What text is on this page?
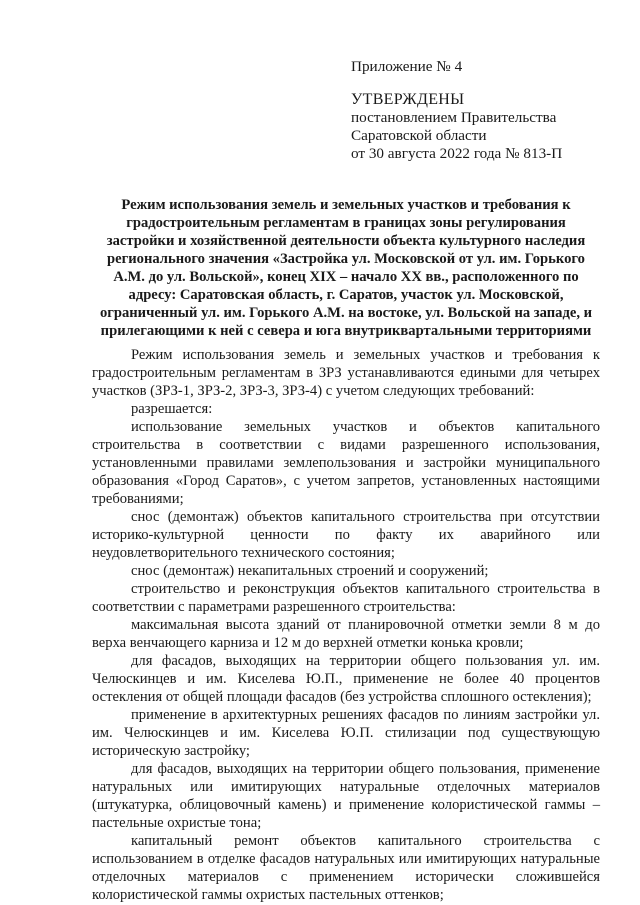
Приложение № 4
УТВЕРЖДЕНЫ
постановлением Правительства
Саратовской области
от 30 августа 2022 года № 813-П
Режим использования земель и земельных участков и требования к градостроительным регламентам в границах зоны регулирования застройки и хозяйственной деятельности объекта культурного наследия регионального значения «Застройка ул. Московской от ул. им. Горького А.М. до ул. Вольской», конец XIX – начало XX вв., расположенного по адресу: Саратовская область, г. Саратов, участок ул. Московской, ограниченный ул. им. Горького А.М. на востоке, ул. Вольской на западе, и прилегающими к ней с севера и юга внутриквартальными территориями

Режим использования земель и земельных участков и требования к градостроительным регламентам в ЗРЗ устанавливаются едиными для четырех участков (ЗРЗ-1, ЗРЗ-2, ЗРЗ-3, ЗРЗ-4) с учетом следующих требований:

разрешается:

использование земельных участков и объектов капитального строительства в соответствии с видами разрешенного использования, установленными правилами землепользования и застройки муниципального образования «Город Саратов», с учетом запретов, установленных настоящими требованиями;

снос (демонтаж) объектов капитального строительства при отсутствии историко-культурной ценности по факту их аварийного или неудовлетворительного технического состояния;

снос (демонтаж) некапитальных строений и сооружений;

строительство и реконструкция объектов капитального строительства в соответствии с параметрами разрешенного строительства:

максимальная высота зданий от планировочной отметки земли 8 м до верха венчающего карниза и 12 м до верхней отметки конька кровли;

для фасадов, выходящих на территории общего пользования ул. им. Челюскинцев и им. Киселева Ю.П., применение не более 40 процентов остекления от общей площади фасадов (без устройства сплошного остекления);

применение в архитектурных решениях фасадов по линиям застройки ул. им. Челюскинцев и им. Киселева Ю.П. стилизации под существующую историческую застройку;

для фасадов, выходящих на территории общего пользования, применение натуральных или имитирующих натуральные отделочных материалов (штукатурка, облицовочный камень) и применение колористической гаммы – пастельные охристые тона;

капитальный ремонт объектов капитального строительства с использованием в отделке фасадов натуральных или имитирующих натуральные отделочных материалов с применением исторически сложившейся колористической гаммы охристых пастельных оттенков;
